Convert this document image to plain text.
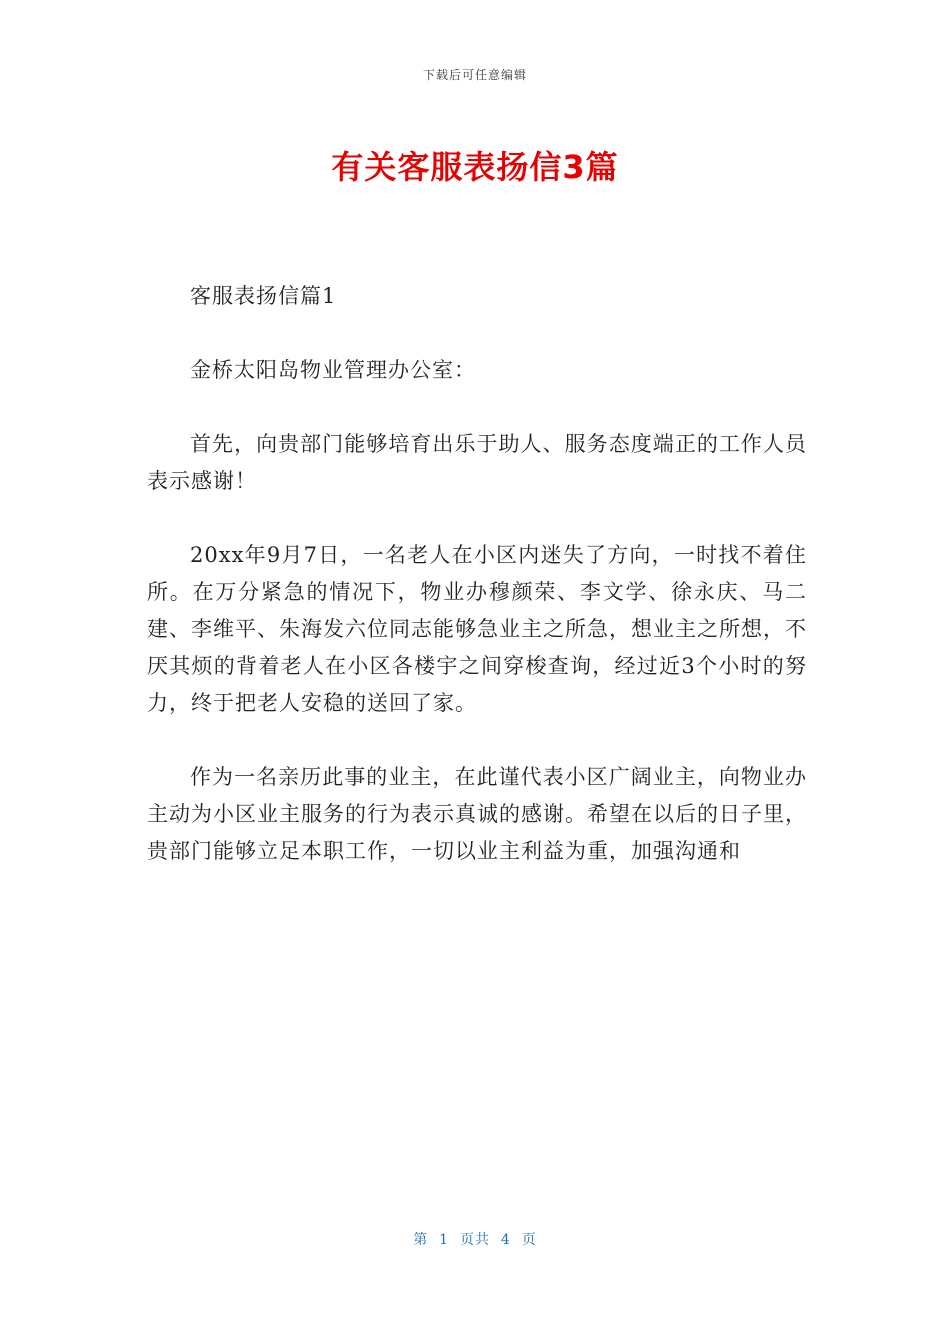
下载后可任意编辑
有关客服表扬信3篇

客服表扬信篇1

金桥太阳岛物业管理办公室：

首先，向贵部门能够培育出乐于助人、服务态度端正的工作人员表示感谢！

20xx年9月7日，一名老人在小区内迷失了方向，一时找不着住所。在万分紧急的情况下，物业办穆颜荣、李文学、徐永庆、马二建、李维平、朱海发六位同志能够急业主之所急，想业主之所想，不厌其烦的背着老人在小区各楼宇之间穿梭查询，经过近3个小时的努力，终于把老人安稳的送回了家。

作为一名亲历此事的业主，在此谨代表小区广阔业主，向物业办主动为小区业主服务的行为表示真诚的感谢。希望在以后的日子里，贵部门能够立足本职工作，一切以业主利益为重，加强沟通和

第  1  页共  4  页
